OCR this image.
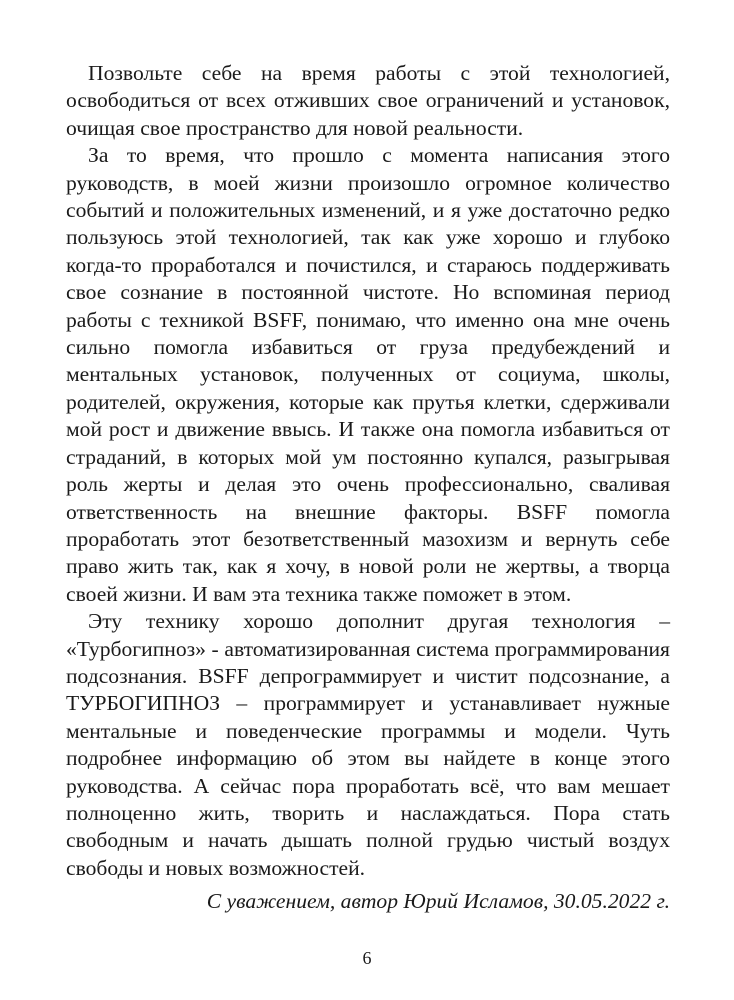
Позвольте себе на время работы с этой технологией, освободиться от всех отживших свое ограничений и установок, очищая свое пространство для новой реальности.

За то время, что прошло с момента написания этого руководств, в моей жизни произошло огромное количество событий и положительных изменений, и я уже достаточно редко пользуюсь этой технологией, так как уже хорошо и глубоко когда-то проработался и почистился, и стараюсь поддерживать свое сознание в постоянной чистоте. Но вспоминая период работы с техникой BSFF, понимаю, что именно она мне очень сильно помогла избавиться от груза предубеждений и ментальных установок, полученных от социума, школы, родителей, окружения, которые как прутья клетки, сдерживали мой рост и движение ввысь. И также она помогла избавиться от страданий, в которых мой ум постоянно купался, разыгрывая роль жерты и делая это очень профессионально, сваливая ответственность на внешние факторы. BSFF помогла проработать этот безответственный мазохизм и вернуть себе право жить так, как я хочу, в новой роли не жертвы, а творца своей жизни. И вам эта техника также поможет в этом.

Эту технику хорошо дополнит другая технология – «Турбогипноз» - автоматизированная система программирования подсознания. BSFF депрограммирует и чистит подсознание, а ТУРБОГИПНОЗ – программирует и устанавливает нужные ментальные и поведенческие программы и модели. Чуть подробнее информацию об этом вы найдете в конце этого руководства. А сейчас пора проработать всё, что вам мешает полноценно жить, творить и наслаждаться. Пора стать свободным и начать дышать полной грудью чистый воздух свободы и новых возможностей.

С уважением, автор Юрий Исламов, 30.05.2022 г.

6
